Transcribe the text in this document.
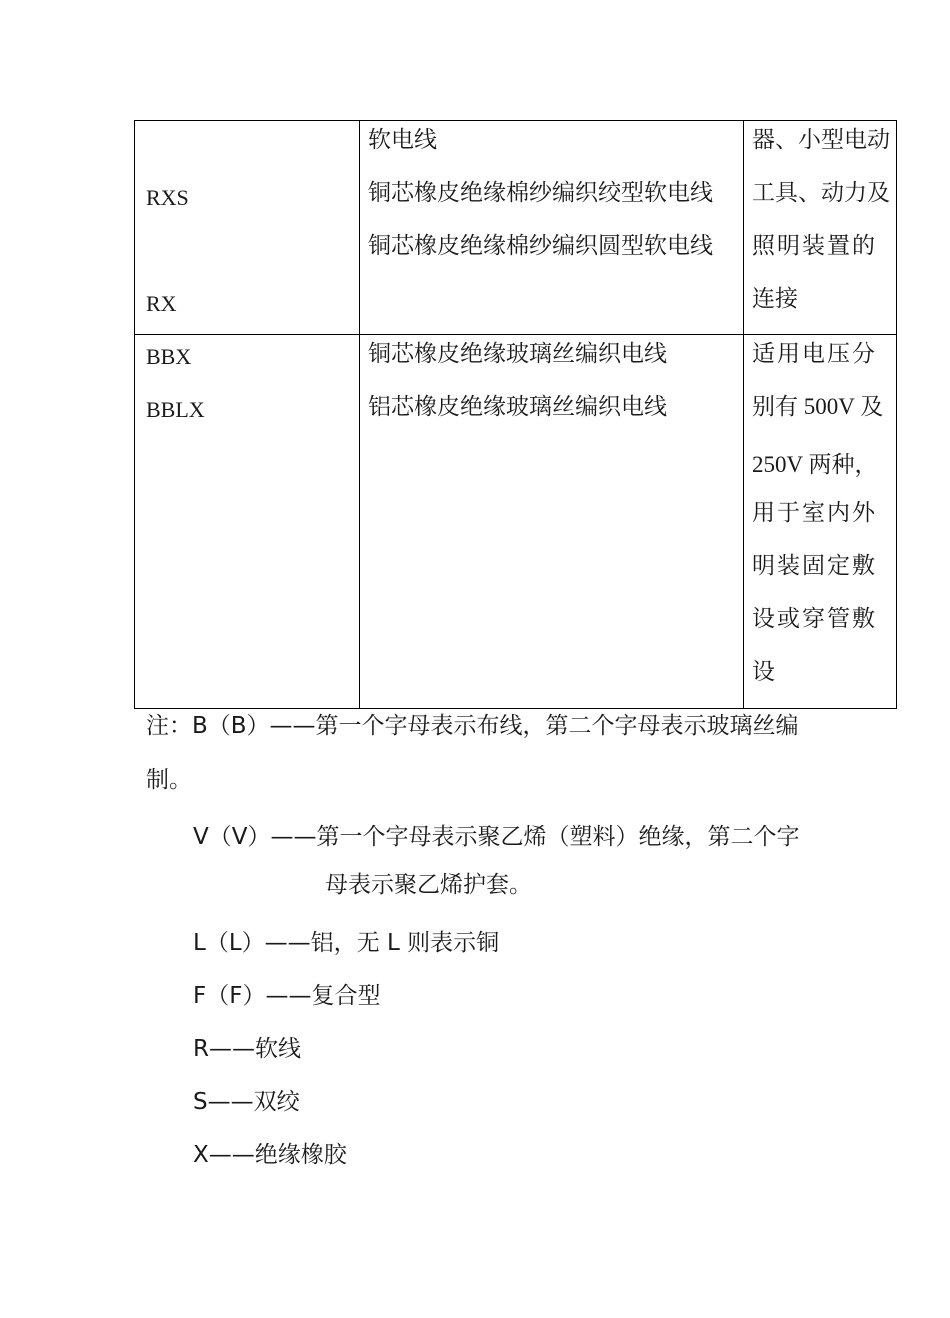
RXS
RX
软电线
铜芯橡皮绝缘棉纱编织绞型软电线
铜芯橡皮绝缘棉纱编织圆型软电线
器、小型电动
工具、动力及
照明装置的
连接
BBX
BBLX
铜芯橡皮绝缘玻璃丝编织电线
铝芯橡皮绝缘玻璃丝编织电线
适用电压分
别有 500V 及
250V 两种，
用于室内外
明装固定敷
设或穿管敷
设
注：B（B）——第一个字母表示布线，第二个字母表示玻璃丝编
制。
V（V）——第一个字母表示聚乙烯（塑料）绝缘，第二个字
母表示聚乙烯护套。
L（L）——铝，无 L 则表示铜
F（F）——复合型
R——软线
S——双绞
X——绝缘橡胶
